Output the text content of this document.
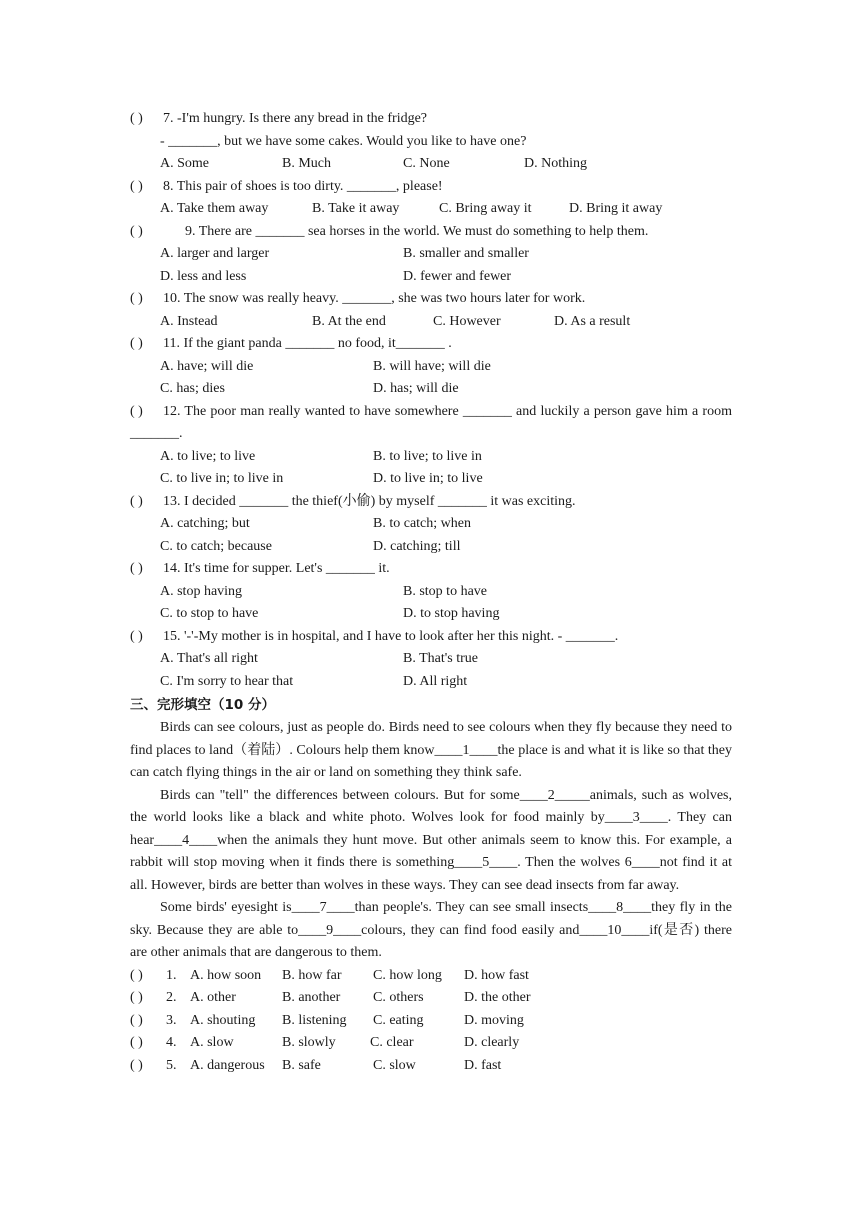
( ) 7. -I'm hungry. Is there any bread in the fridge?
- _______, but we have some cakes. Would you like to have one?
A. Some	B. Much	C. None	D. Nothing
( ) 8. This pair of shoes is too dirty. _______, please!
A. Take them away	B. Take it away	C. Bring away it	D. Bring it away
( )	9. There are _______ sea horses in the world. We must do something to help them.
A. larger and larger	B. smaller and smaller
D. less and less	D. fewer and fewer
( ) 10. The snow was really heavy. _______, she was two hours later for work.
A. Instead	B. At the end	C. However	D. As a result
( ) 11. If the giant panda _______ no food, it_______ .
A. have; will die	B. will have; will die
C. has; dies	D. has; will die
( ) 12. The poor man really wanted to have somewhere _______ and luckily a person gave him a room _______.
A. to live; to live	B. to live; to live in
C. to live in; to live in	D. to live in; to live
( ) 13. I decided _______ the thief(小偷) by myself _______ it was exciting.
A. catching; but	B. to catch; when
C. to catch; because	D. catching; till
( ) 14. It's time for supper. Let's _______ it.
A. stop having	B. stop to have
C. to stop to have	D. to stop having
( ) 15. '-'-My mother is in hospital, and I have to look after her this night. - _______.
A. That's all right	B. That's true
C. I'm sorry to hear that	D. All right
三、完形填空（10 分）

Birds can see colours, just as people do. Birds need to see colours when they fly because they need to find places to land（着陆）. Colours help them know____1____the place is and what it is like so that they can catch flying things in the air or land on something they think safe.

Birds can "tell" the differences between colours. But for some____2_____animals, such as wolves, the world looks like a black and white photo. Wolves look for food mainly by____3____. They can hear____4____when the animals they hunt move. But other animals seem to know this. For example, a rabbit will stop moving when it finds there is something____5____. Then the wolves 6____not find it at all. However, birds are better than wolves in these ways. They can see dead insects from far away.

Some birds' eyesight is____7____than people's. They can see small insects____8____they fly in the sky. Because they are able to____9____colours, they can find food easily and____10____if(是否) there are other animals that are dangerous to them.

( ) 1. A. how soon B. how far C. how long D. how fast
( ) 2. A. other	B. another C. others	D. the other
( ) 3. A. shouting B. listening C. eating	D. moving
( ) 4. A. slow	B. slowly C. clear	D. clearly
( ) 5. A. dangerous B. safe	C. slow	D. fast
